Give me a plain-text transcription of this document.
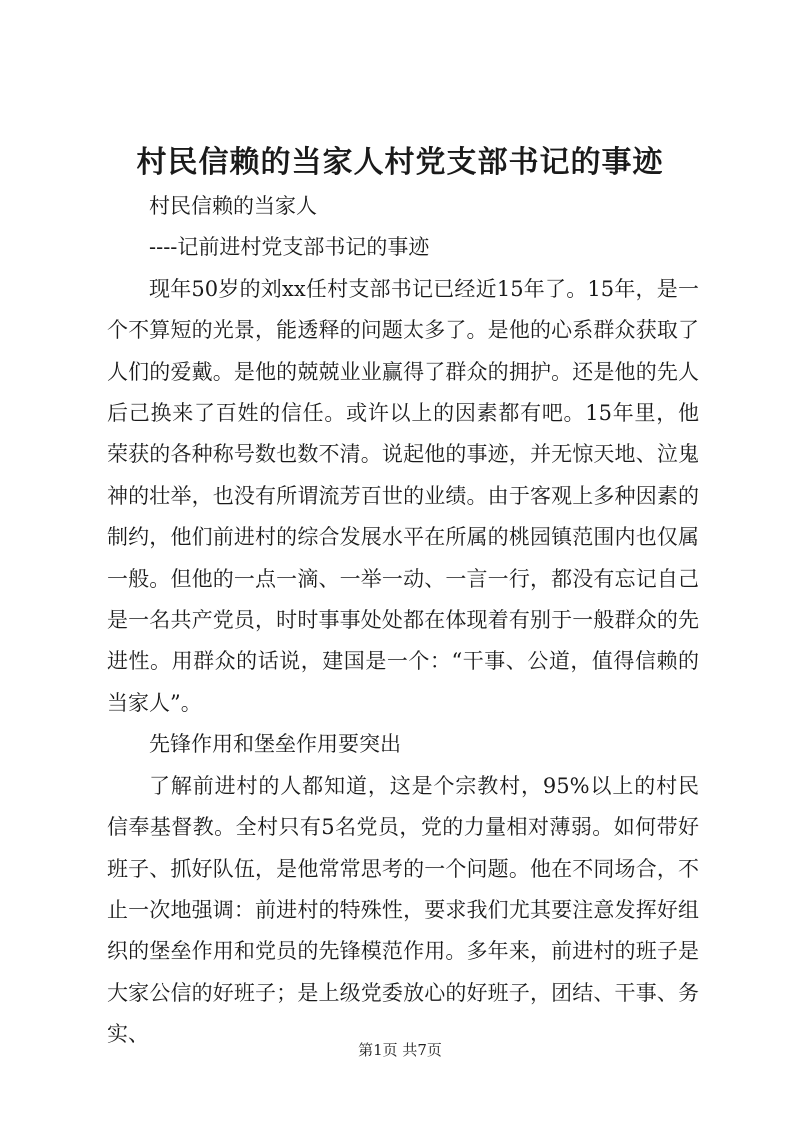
村民信赖的当家人村党支部书记的事迹

村民信赖的当家人

----记前进村党支部书记的事迹

现年50岁的刘xx任村支部书记已经近15年了。15年，是一个不算短的光景，能透释的问题太多了。是他的心系群众获取了人们的爱戴。是他的兢兢业业赢得了群众的拥护。还是他的先人后己换来了百姓的信任。或许以上的因素都有吧。15年里，他荣获的各种称号数也数不清。说起他的事迹，并无惊天地、泣鬼神的壮举，也没有所谓流芳百世的业绩。由于客观上多种因素的制约，他们前进村的综合发展水平在所属的桃园镇范围内也仅属一般。但他的一点一滴、一举一动、一言一行，都没有忘记自己是一名共产党员，时时事事处处都在体现着有别于一般群众的先进性。用群众的话说，建国是一个：“干事、公道，值得信赖的当家人”。

先锋作用和堡垒作用要突出

了解前进村的人都知道，这是个宗教村，95%以上的村民信奉基督教。全村只有5名党员，党的力量相对薄弱。如何带好班子、抓好队伍，是他常常思考的一个问题。他在不同场合，不止一次地强调：前进村的特殊性，要求我们尤其要注意发挥好组织的堡垒作用和党员的先锋模范作用。多年来，前进村的班子是大家公信的好班子；是上级党委放心的好班子，团结、干事、务实、

第1页 共7页
